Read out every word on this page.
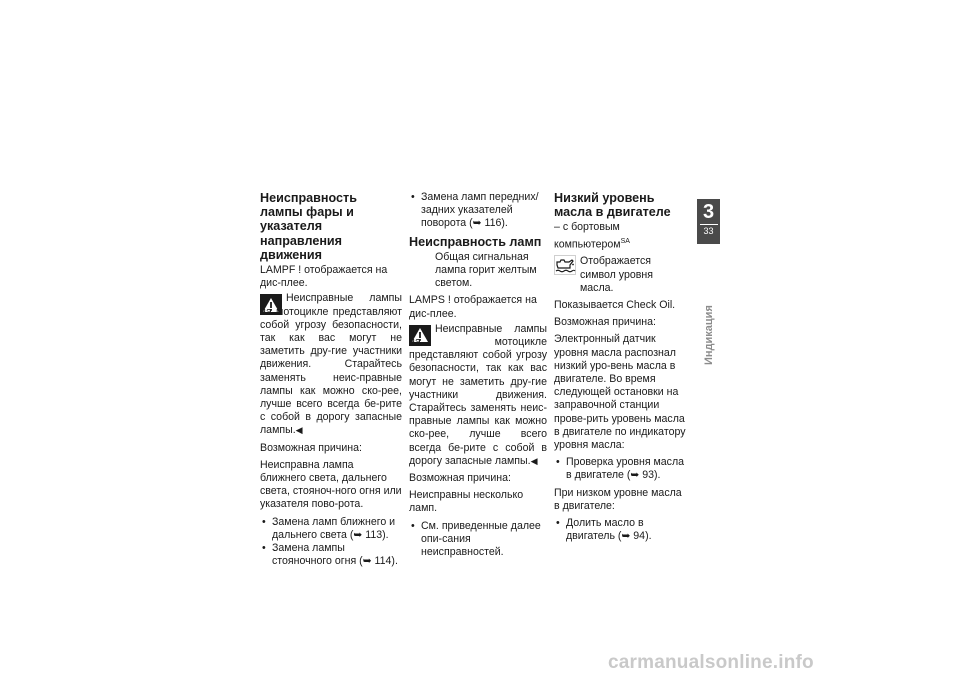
Неисправность лампы фары и указателя направления движения

LAMPF ! отображается на дис-плее.

Неисправные лампы на мотоцикле представляют собой угрозу безопасности, так как вас могут не заметить дру-гие участники движения. Старайтесь заменять неис-правные лампы как можно ско-рее, лучше всего всегда бе-рите с собой в дорогу запасные лампы.◀

Возможная причина:

Неисправна лампа ближнего света, дальнего света, стояноч-ного огня или указателя пово-рота.

• Замена ламп ближнего и дальнего света (➥ 113).
• Замена лампы стояночного огня (➥ 114).
• Замена ламп передних/задних указателей поворота (➥ 116).
Неисправность ламп
Общая сигнальная лампа горит желтым светом.

LAMPS ! отображается на дис-плее.

Неисправные лампы на мотоцикле представляют собой угрозу безопасности, так как вас могут не заметить дру-гие участники движения. Старайтесь заменять неис-правные лампы как можно ско-рее, лучше всего всегда бе-рите с собой в дорогу запасные лампы.◀

Возможная причина:

Неисправны несколько ламп.

• См. приведенные далее опи-сания неисправностей.
Низкий уровень масла в двигателе

– с бортовым компьютером$^{SA}$

Отображается символ уровня масла.

Показывается Check Oil.

Возможная причина:

Электронный датчик уровня масла распознал низкий уро-вень масла в двигателе. Во время следующей остановки на заправочной станции прове-рить уровень масла в двигателе по индикатору уровня масла:

• Проверка уровня масла в двигателе (➥ 93).

При низком уровне масла в двигателе:

• Долить масло в двигатель (➥ 94).
3
33
Индикация
carmanualsonline.info
